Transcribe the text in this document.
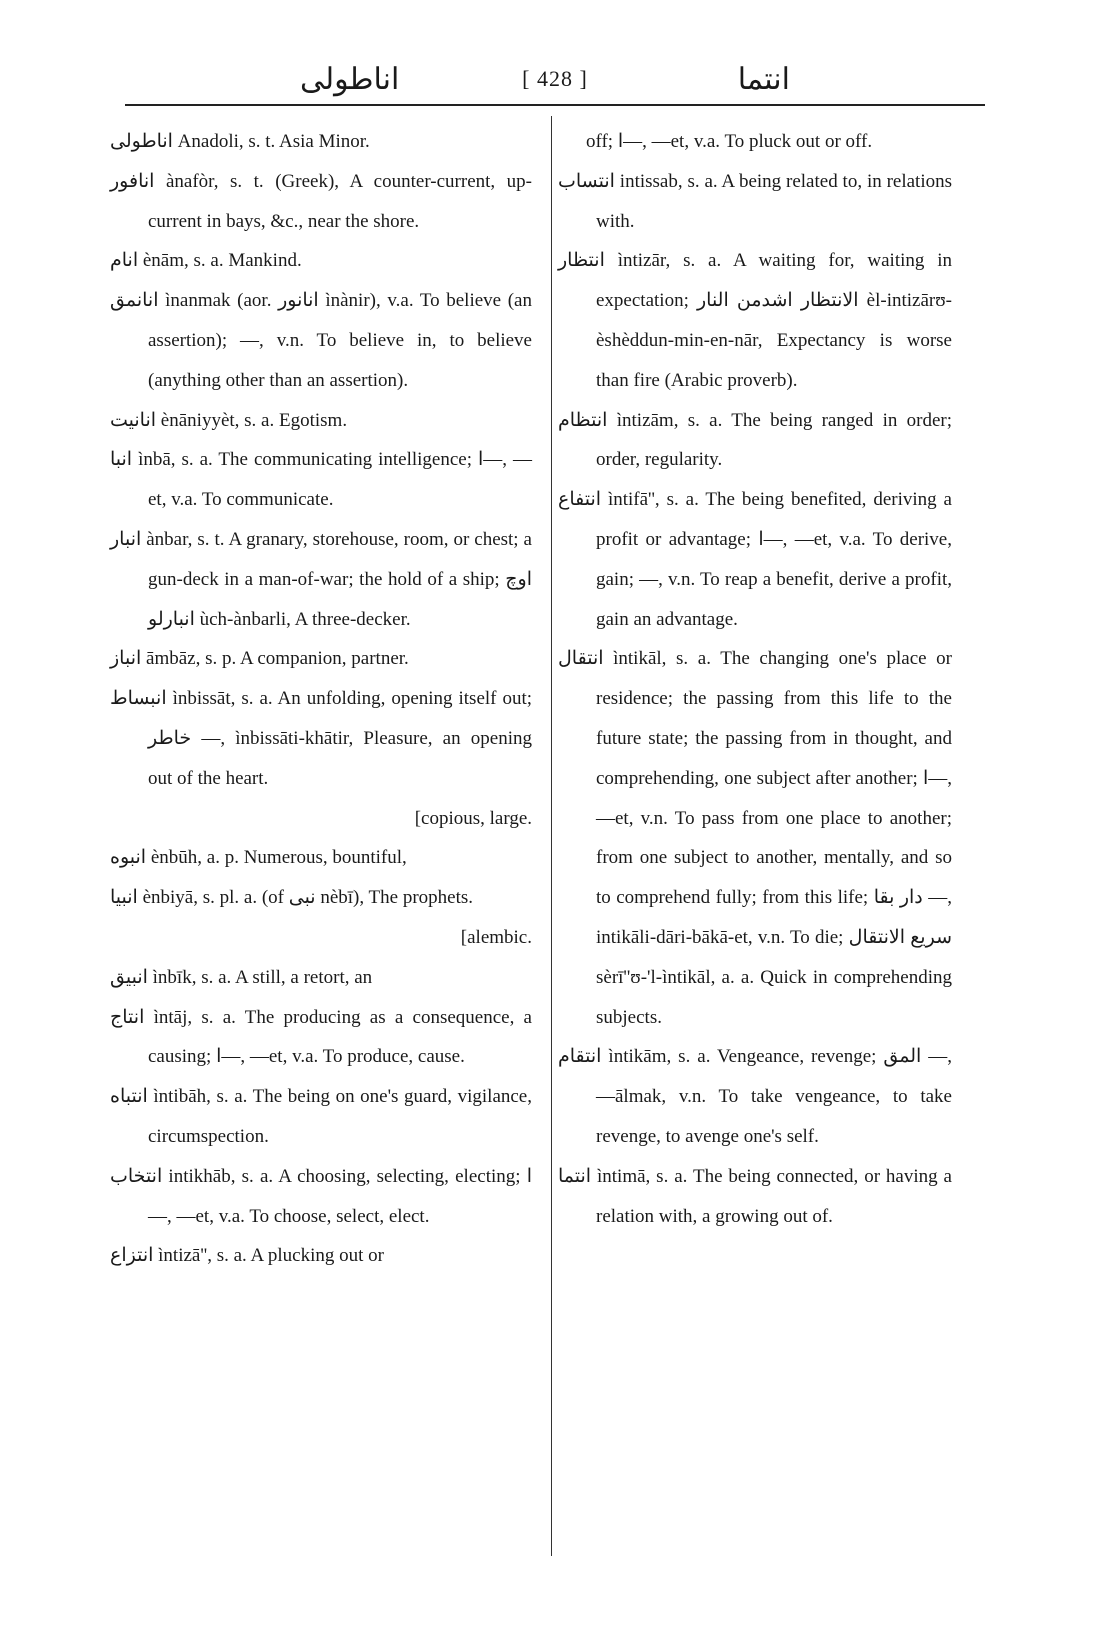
اناطولی	[ 428 ]	انتما

اناطولی Anadoli, s. t. Asia Minor.

انافور ànafòr, s. t. (Greek), A counter-current, up-current in bays, &c., near the shore.

انام ènām, s. a. Mankind.

انانمق ìnanmak (aor. انانور ìnànir), v.a. To believe (an assertion); —, v.n. To believe in, to believe (anything other than an assertion).

انانیت ènāniyyèt, s. a. Egotism.

انبا ìnbā, s. a. The communicating intelligence; ا—, —et, v.a. To communicate.

انبار ànbar, s. t. A granary, storehouse, room, or chest; a gun-deck in a man-of-war; the hold of a ship; اوچ انبارلو ùch-ànbarli, A three-decker.

انباز āmbāz, s. p. A companion, partner.

انبساط ìnbissāt, s. a. An unfolding, opening itself out; خاطر —, ìnbissāti-khātir, Pleasure, an opening out of the heart.

[copious, large.

انبوه ènbūh, a. p. Numerous, bountiful,

انبیا ènbiyā, s. pl. a. (of نبی nèbī), The prophets.

[alembic.

انبیق ìnbīk, s. a. A still, a retort, an

انتاج ìntāj, s. a. The producing as a consequence, a causing; ا—, —et, v.a. To produce, cause.

انتباه ìntibāh, s. a. The being on one's guard, vigilance, circumspection.

انتخاب intikhāb, s. a. A choosing, selecting, electing; ا—, —et, v.a. To choose, select, elect.

انتزاع ìntizā'', s. a. A plucking out or

off; ا—, —et, v.a. To pluck out or off.

انتساب intissab, s. a. A being related to, in relations with.

انتظار ìntizār, s. a. A waiting for, waiting in expectation; الانتظار اشدمن النار èl-intizārʊ-èshèddun-min-en-nār, Expectancy is worse than fire (Arabic proverb).

انتظام ìntizām, s. a. The being ranged in order; order, regularity.

انتفاع ìntifā'', s. a. The being benefited, deriving a profit or advantage; ا—, —et, v.a. To derive, gain; —, v.n. To reap a benefit, derive a profit, gain an advantage.

انتقال ìntikāl, s. a. The changing one's place or residence; the passing from this life to the future state; the passing from in thought, and comprehending, one subject after another; ا—, —et, v.n. To pass from one place to another; from one subject to another, mentally, and so to comprehend fully; from this life; دار بقا —, intikāli-dāri-bākā-et, v.n. To die; سریع الانتقال sèrī''ʊ-'l-ìntikāl, a. a. Quick in comprehending subjects.

انتقام ìntikām, s. a. Vengeance, revenge; المق —, —ālmak, v.n. To take vengeance, to take revenge, to avenge one's self.

انتما ìntimā, s. a. The being connected, or having a relation with, a growing out of.
